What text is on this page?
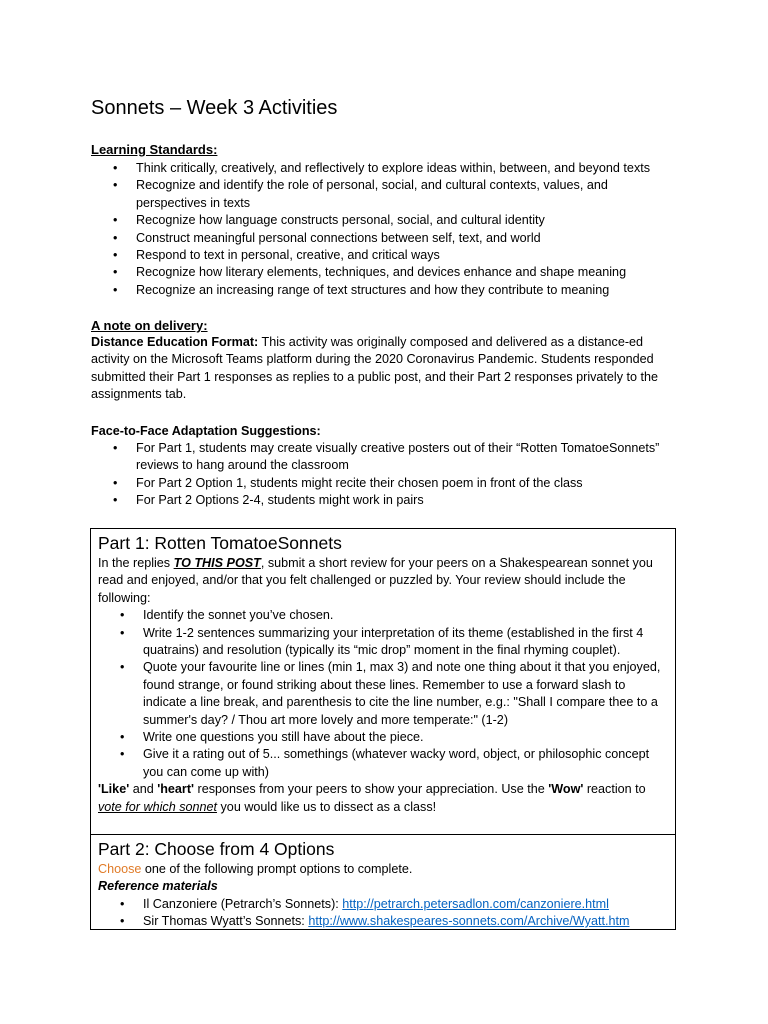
Sonnets – Week 3 Activities
Learning Standards:
• Think critically, creatively, and reflectively to explore ideas within, between, and beyond texts
• Recognize and identify the role of personal, social, and cultural contexts, values, and perspectives in texts
• Recognize how language constructs personal, social, and cultural identity
• Construct meaningful personal connections between self, text, and world
• Respond to text in personal, creative, and critical ways
• Recognize how literary elements, techniques, and devices enhance and shape meaning
• Recognize an increasing range of text structures and how they contribute to meaning
A note on delivery:

Distance Education Format: This activity was originally composed and delivered as a distance-ed activity on the Microsoft Teams platform during the 2020 Coronavirus Pandemic. Students responded submitted their Part 1 responses as replies to a public post, and their Part 2 responses privately to the assignments tab.

Face-to-Face Adaptation Suggestions:
• For Part 1, students may create visually creative posters out of their “Rotten TomatoeSonnets” reviews to hang around the classroom
• For Part 2 Option 1, students might recite their chosen poem in front of the class
• For Part 2 Options 2-4, students might work in pairs
Part 1: Rotten TomatoeSonnets

In the replies TO THIS POST, submit a short review for your peers on a Shakespearean sonnet you read and enjoyed, and/or that you felt challenged or puzzled by. Your review should include the following:

• Identify the sonnet you’ve chosen.
• Write 1-2 sentences summarizing your interpretation of its theme (established in the first 4 quatrains) and resolution (typically its “mic drop” moment in the final rhyming couplet).
• Quote your favourite line or lines (min 1, max 3) and note one thing about it that you enjoyed, found strange, or found striking about these lines. Remember to use a forward slash to indicate a line break, and parenthesis to cite the line number, e.g.: "Shall I compare thee to a summer's day? / Thou art more lovely and more temperate:" (1-2)
• Write one questions you still have about the piece.
• Give it a rating out of 5... somethings (whatever wacky word, object, or philosophic concept you can come up with)

'Like' and 'heart' responses from your peers to show your appreciation. Use the 'Wow' reaction to vote for which sonnet you would like us to dissect as a class!

Part 2: Choose from 4 Options

Choose one of the following prompt options to complete.

Reference materials

• Il Canzoniere (Petrarch’s Sonnets): http://petrarch.petersadlon.com/canzoniere.html
• Sir Thomas Wyatt’s Sonnets: http://www.shakespeares-sonnets.com/Archive/Wyatt.htm
